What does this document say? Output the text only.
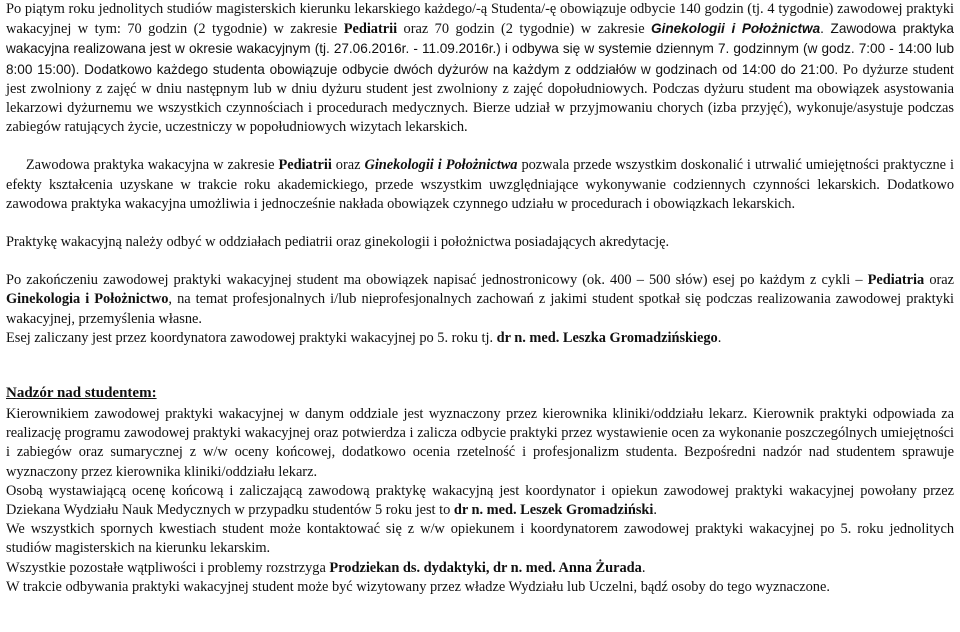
Po piątym roku jednolitych studiów magisterskich kierunku lekarskiego każdego/-ą Studenta/-ę obowiązuje odbycie 140 godzin (tj. 4 tygodnie) zawodowej praktyki wakacyjnej w tym: 70 godzin (2 tygodnie) w zakresie Pediatrii oraz 70 godzin (2 tygodnie) w zakresie Ginekologii i Położnictwa. Zawodowa praktyka wakacyjna realizowana jest w okresie wakacyjnym (tj. 27.06.2016r. - 11.09.2016r.) i odbywa się w systemie dziennym 7. godzinnym (w godz. 7:00 - 14:00 lub 8:00 15:00). Dodatkowo każdego studenta obowiązuje odbycie dwóch dyżurów na każdym z oddziałów w godzinach od 14:00 do 21:00. Po dyżurze student jest zwolniony z zajęć w dniu następnym lub w dniu dyżuru student jest zwolniony z zajęć dopołudniowych. Podczas dyżuru student ma obowiązek asystowania lekarzowi dyżurnemu we wszystkich czynnościach i procedurach medycznych. Bierze udział w przyjmowaniu chorych (izba przyjęć), wykonuje/asystuje podczas zabiegów ratujących życie, uczestniczy w popołudniowych wizytach lekarskich.

Zawodowa praktyka wakacyjna w zakresie Pediatrii oraz Ginekologii i Położnictwa pozwala przede wszystkim doskonalić i utrwalić umiejętności praktyczne i efekty kształcenia uzyskane w trakcie roku akademickiego, przede wszystkim uwzględniające wykonywanie codziennych czynności lekarskich. Dodatkowo zawodowa praktyka wakacyjna umożliwia i jednocześnie nakłada obowiązek czynnego udziału w procedurach i obowiązkach lekarskich.

Praktykę wakacyjną należy odbyć w oddziałach pediatrii oraz ginekologii i położnictwa posiadających akredytację.

Po zakończeniu zawodowej praktyki wakacyjnej student ma obowiązek napisać jednostronicowy (ok. 400 – 500 słów) esej po każdym z cykli – Pediatria oraz Ginekologia i Położnictwo, na temat profesjonalnych i/lub nieprofesjonalnych zachowań z jakimi student spotkał się podczas realizowania zawodowej praktyki wakacyjnej, przemyślenia własne.

Esej zaliczany jest przez koordynatora zawodowej praktyki wakacyjnej po 5. roku tj. dr n. med. Leszka Gromadzińskiego.

Nadzór nad studentem:

Kierownikiem zawodowej praktyki wakacyjnej w danym oddziale jest wyznaczony przez kierownika kliniki/oddziału lekarz. Kierownik praktyki odpowiada za realizację programu zawodowej praktyki wakacyjnej oraz potwierdza i zalicza odbycie praktyki przez wystawienie ocen za wykonanie poszczególnych umiejętności i zabiegów oraz sumarycznej z w/w oceny końcowej, dodatkowo ocenia rzetelność i profesjonalizm studenta. Bezpośredni nadzór nad studentem sprawuje wyznaczony przez kierownika kliniki/oddziału lekarz.

Osobą wystawiającą ocenę końcową i zaliczającą zawodową praktykę wakacyjną jest koordynator i opiekun zawodowej praktyki wakacyjnej powołany przez Dziekana Wydziału Nauk Medycznych w przypadku studentów 5 roku jest to dr n. med. Leszek Gromadziński.

We wszystkich spornych kwestiach student może kontaktować się z w/w opiekunem i koordynatorem zawodowej praktyki wakacyjnej po 5. roku jednolitych studiów magisterskich na kierunku lekarskim.

Wszystkie pozostałe wątpliwości i problemy rozstrzyga Prodziekan ds. dydaktyki, dr n. med. Anna Żurada.

W trakcie odbywania praktyki wakacyjnej student może być wizytowany przez władze Wydziału lub Uczelni, bądź osoby do tego wyznaczone.
